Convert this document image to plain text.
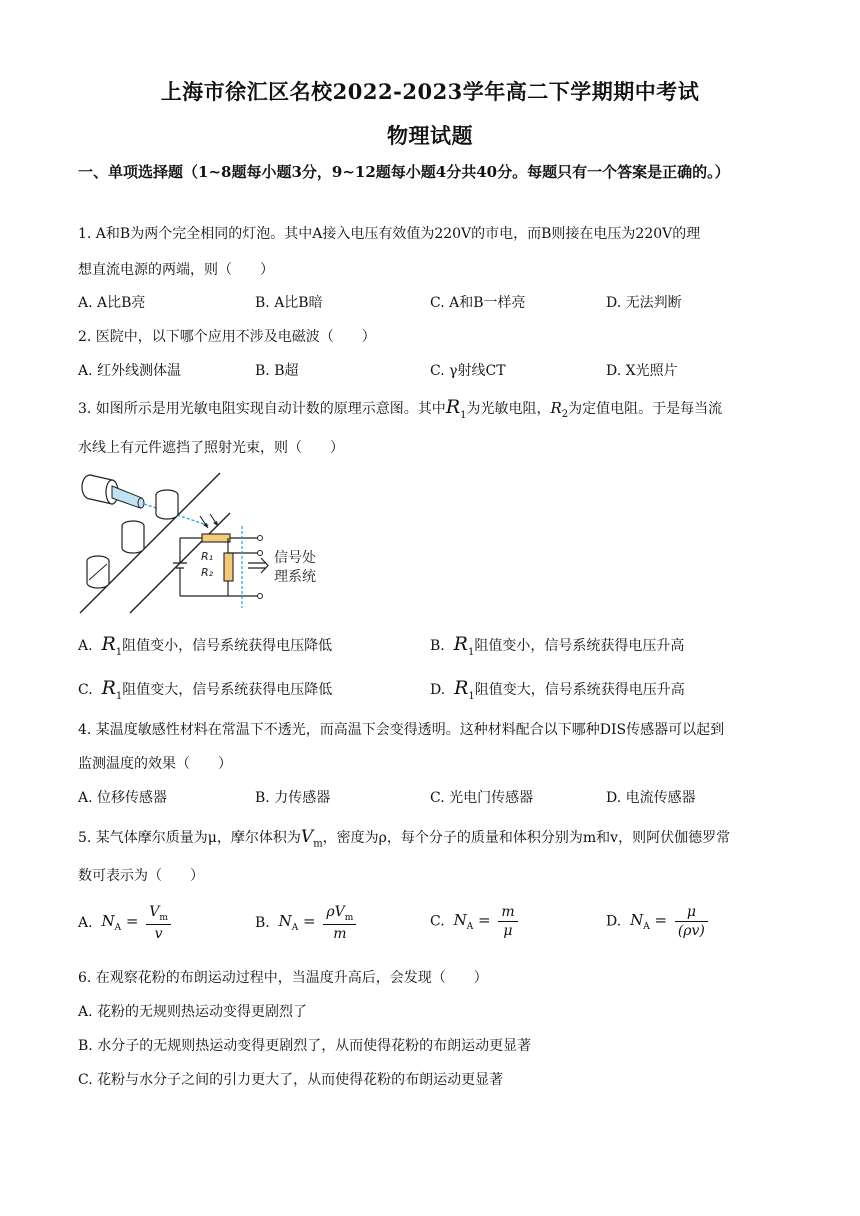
上海市徐汇区名校2022-2023学年高二下学期期中考试
物理试题
一、单项选择题（1~8题每小题3分，9~12题每小题4分共40分。每题只有一个答案是正确的。）
1. A和B为两个完全相同的灯泡。其中A接入电压有效值为220V的市电，而B则接在电压为220V的理
想直流电源的两端，则（　　）
A. A比B亮	B. A比B暗	C. A和B一样亮	D. 无法判断
2. 医院中，以下哪个应用不涉及电磁波（　　）
A. 红外线测体温	B. B超	C. γ射线CT	D. X光照片
3. 如图所示是用光敏电阻实现自动计数的原理示意图。其中$R_1$为光敏电阻，$R_2$为定值电阻。于是每当流
水线上有元件遮挡了照射光束，则（　　）
R₁
R₂
信号处
理系统
A. $R_1$阻值变小，信号系统获得电压降低	B. $R_1$阻值变小，信号系统获得电压升高
C. $R_1$阻值变大，信号系统获得电压降低	D. $R_1$阻值变大，信号系统获得电压升高
4. 某温度敏感性材料在常温下不透光，而高温下会变得透明。这种材料配合以下哪种DIS传感器可以起到
监测温度的效果（　　）
A. 位移传感器	B. 力传感器	C. 光电门传感器	D. 电流传感器
5. 某气体摩尔质量为μ，摩尔体积为$V_m$，密度为ρ，每个分子的质量和体积分别为m和v，则阿伏伽德罗常
数可表示为（　　）
A. $N_A = \frac{V_m}{v}$	B. $N_A = \frac{\rho V_m}{m}$	C. $N_A = \frac{m}{\mu}$	D. $N_A = \frac{\mu}{(\rho v)}$
6. 在观察花粉的布朗运动过程中，当温度升高后，会发现（　　）
A. 花粉的无规则热运动变得更剧烈了
B. 水分子的无规则热运动变得更剧烈了，从而使得花粉的布朗运动更显著
C. 花粉与水分子之间的引力更大了，从而使得花粉的布朗运动更显著
